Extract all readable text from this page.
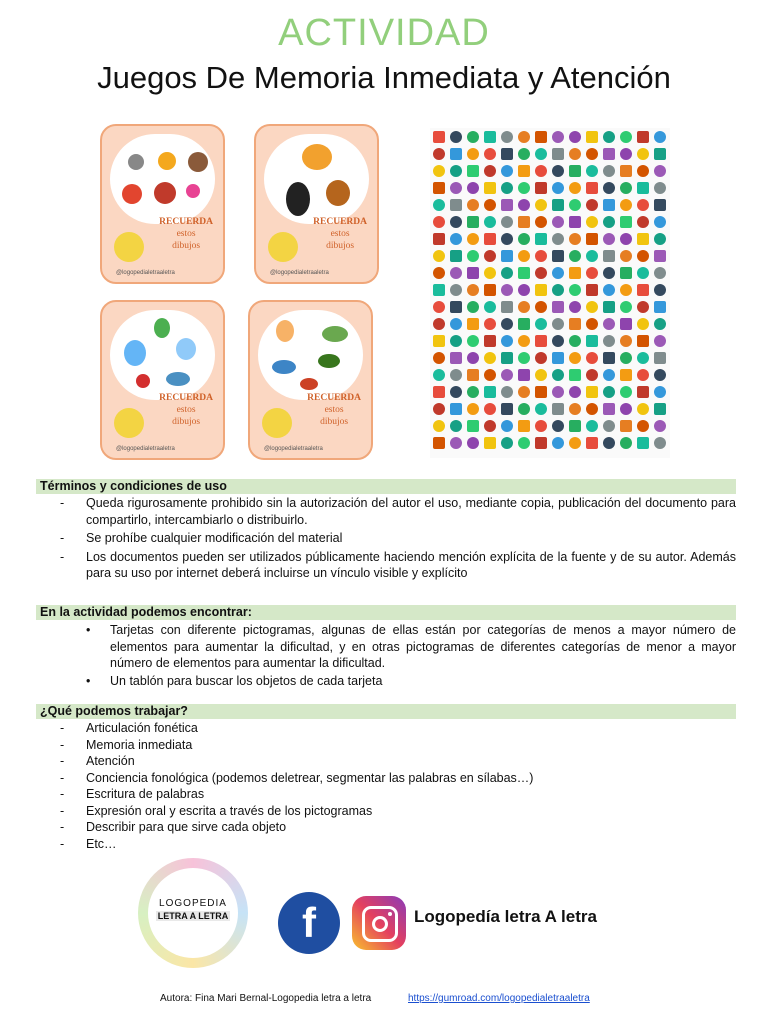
ACTIVIDAD
Juegos De Memoria Inmediata y Atención
RECUERDA
estos
dibujos
@logopedialetraaletra
RECUERDA
estos
dibujos
@logopedialetraaletra
RECUERDA
estos
dibujos
@logopedialetraaletra
RECUERDA
estos
dibujos
@logopedialetraaletra
Términos y condiciones de uso
- Queda rigurosamente prohibido sin la autorización del autor el uso, mediante copia, publicación del documento para compartirlo, intercambiarlo o distribuirlo.
- Se prohíbe cualquier modificación del material
- Los documentos pueden ser utilizados públicamente haciendo mención explícita de la fuente y de su autor. Además para su uso por internet deberá incluirse un vínculo visible y explícito
En la actividad podemos encontrar:
• Tarjetas con diferente pictogramas, algunas de ellas están por categorías de menos a mayor número de elementos para aumentar la dificultad, y en otras pictogramas de diferentes categorías de menor a mayor número de elementos para aumentar la dificultad.
• Un tablón para buscar los objetos de cada tarjeta
¿Qué podemos trabajar?
- Articulación fonética
- Memoria inmediata
- Atención
- Conciencia fonológica (podemos deletrear, segmentar las palabras en sílabas…)
- Escritura de palabras
- Expresión oral y escrita a través de los pictogramas
- Describir para que sirve cada objeto
- Etc…
LOGOPEDIA
LETRA A LETRA	f	Logopedía letra A letra
Autora: Fina Mari Bernal-Logopedia letra a letra	https://gumroad.com/logopedialetraaletra
